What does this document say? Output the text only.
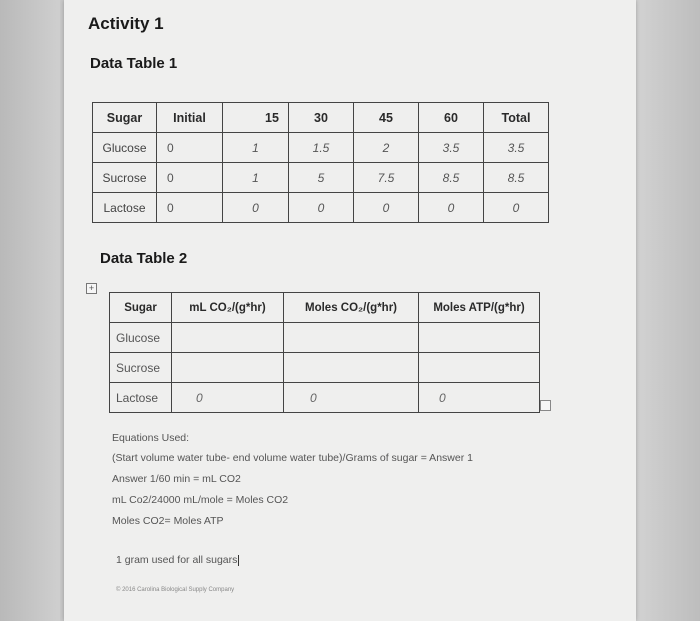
Activity 1
Data Table 1
Sugar	Initial	15	30	45	60	Total
Glucose	0	1	1.5	2	3.5	3.5
Sucrose	0	1	5	7.5	8.5	8.5
Lactose	0	0	0	0	0	0
Data Table 2
+
Sugar	mL CO₂/(g*hr)	Moles CO₂/(g*hr)	Moles ATP/(g*hr)
Glucose			
Sucrose			
Lactose	0	0	0
Equations Used:
(Start volume water tube- end volume water tube)/Grams of sugar = Answer 1
Answer 1/60 min = mL CO2
mL Co2/24000 mL/mole = Moles CO2
Moles CO2= Moles ATP
1 gram used for all sugars
© 2016 Carolina Biological Supply Company
